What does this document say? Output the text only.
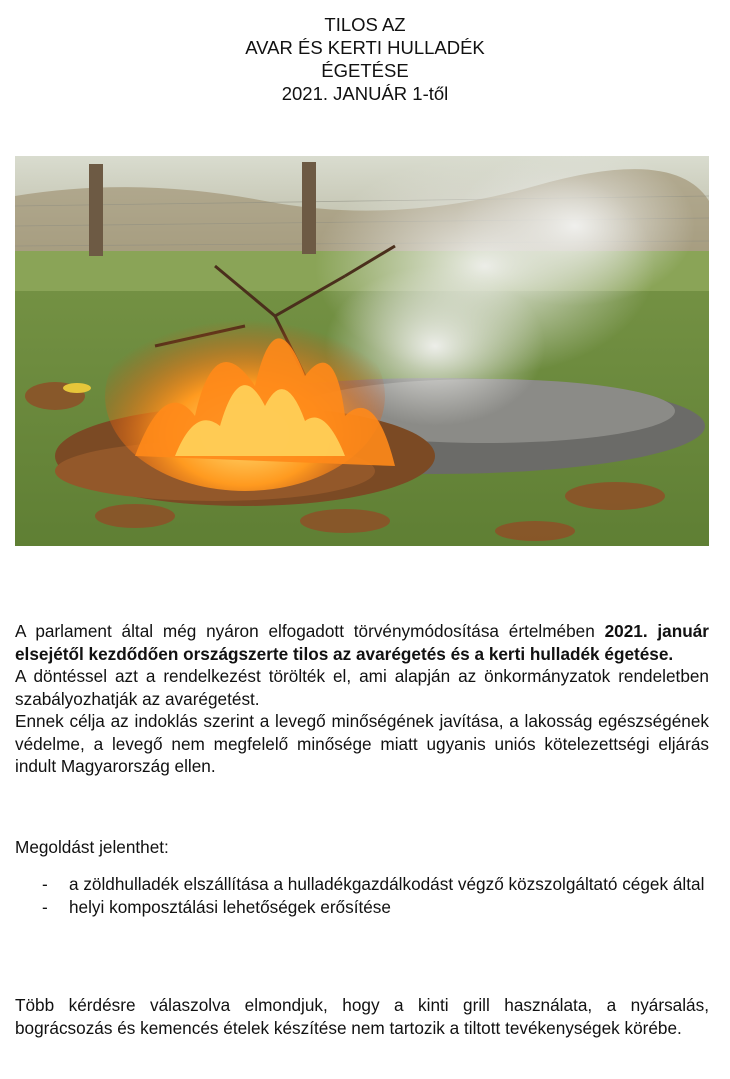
TILOS AZ
AVAR ÉS KERTI HULLADÉK
ÉGETÉSE
2021. JANUÁR 1-től
A parlament által még nyáron elfogadott törvénymódosítása értelmében 2021. január elsejétől kezdődően országszerte tilos az avarégetés és a kerti hulladék égetése.
A döntéssel azt a rendelkezést törölték el, ami alapján az önkormányzatok rendeletben szabályozhatják az avarégetést.
Ennek célja az indoklás szerint a levegő minőségének javítása, a lakosság egészségének védelme, a levegő nem megfelelő minősége miatt ugyanis uniós kötelezettségi eljárás indult Magyarország ellen.
Megoldást jelenthet:
- a zöldhulladék elszállítása a hulladékgazdálkodást végző közszolgáltató cégek által
- helyi komposztálási lehetőségek erősítése
Több kérdésre válaszolva elmondjuk, hogy a kinti grill használata, a nyársalás, bográcsozás és kemencés ételek készítése nem tartozik a tiltott tevékenységek körébe.
